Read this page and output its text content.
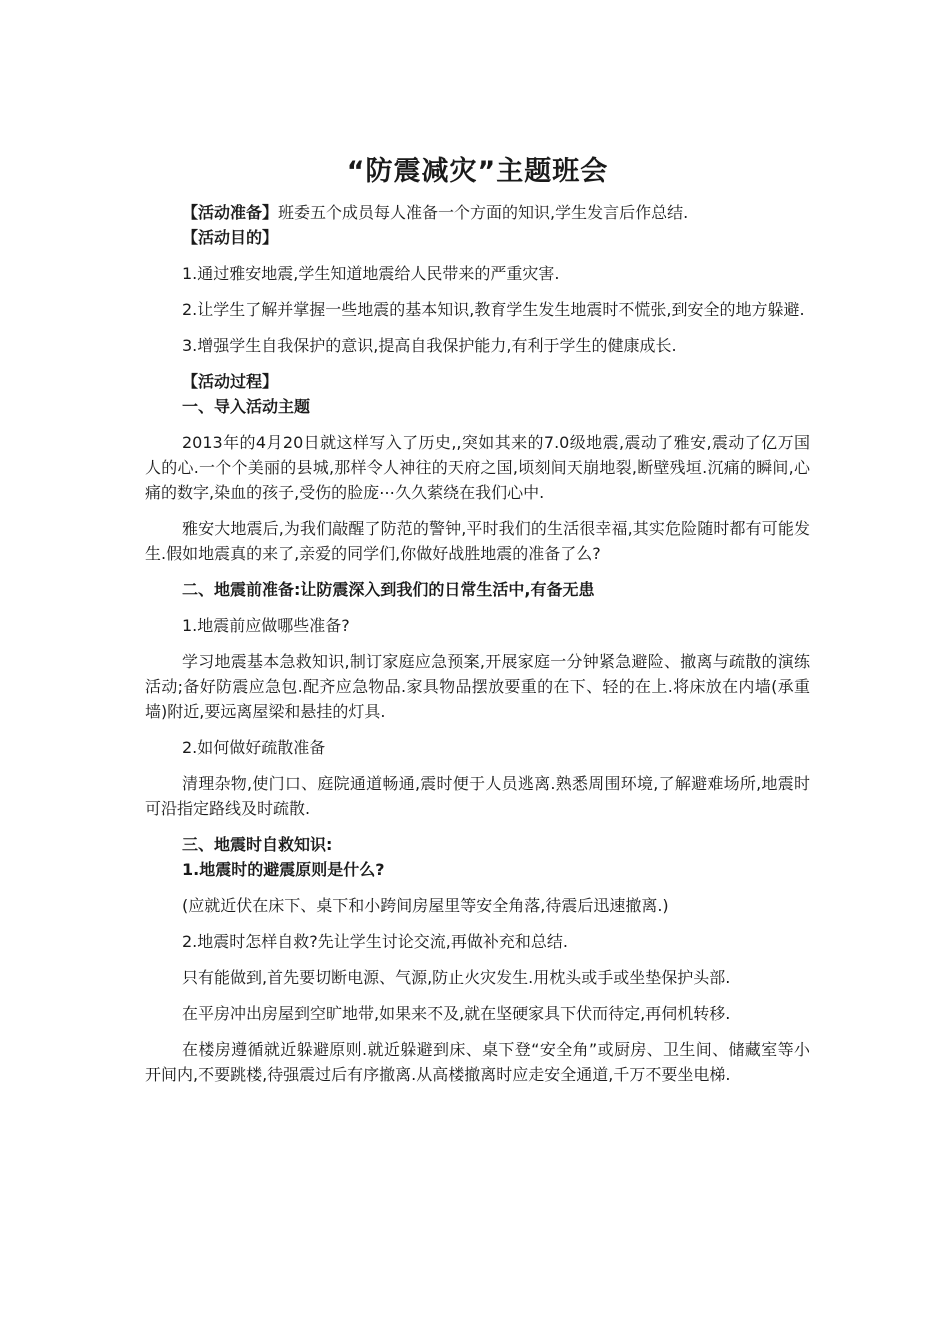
“防震减灾”主题班会

【活动准备】班委五个成员每人准备一个方面的知识,学生发言后作总结.

【活动目的】

1.通过雅安地震,学生知道地震给人民带来的严重灾害.

2.让学生了解并掌握一些地震的基本知识,教育学生发生地震时不慌张,到安全的地方躲避.

3.增强学生自我保护的意识,提高自我保护能力,有利于学生的健康成长.

【活动过程】

一、导入活动主题

2013年的4月20日就这样写入了历史,,突如其来的7.0级地震,震动了雅安,震动了亿万国人的心.一个个美丽的县城,那样令人神往的天府之国,顷刻间天崩地裂,断壁残垣.沉痛的瞬间,心痛的数字,染血的孩子,受伤的脸庞⋯久久萦绕在我们心中.

雅安大地震后,为我们敲醒了防范的警钟,平时我们的生活很幸福,其实危险随时都有可能发生.假如地震真的来了,亲爱的同学们,你做好战胜地震的准备了么?

二、地震前准备:让防震深入到我们的日常生活中,有备无患

1.地震前应做哪些准备?

学习地震基本急救知识,制订家庭应急预案,开展家庭一分钟紧急避险、撤离与疏散的演练活动;备好防震应急包.配齐应急物品.家具物品摆放要重的在下、轻的在上.将床放在内墙(承重墙)附近,要远离屋梁和悬挂的灯具.

2.如何做好疏散准备

清理杂物,使门口、庭院通道畅通,震时便于人员逃离.熟悉周围环境,了解避难场所,地震时可沿指定路线及时疏散.

三、地震时自救知识:

1.地震时的避震原则是什么?

(应就近伏在床下、桌下和小跨间房屋里等安全角落,待震后迅速撤离.)

2.地震时怎样自救?先让学生讨论交流,再做补充和总结.

只有能做到,首先要切断电源、气源,防止火灾发生.用枕头或手或坐垫保护头部.

在平房冲出房屋到空旷地带,如果来不及,就在坚硬家具下伏而待定,再伺机转移.

在楼房遵循就近躲避原则.就近躲避到床、桌下登“安全角”或厨房、卫生间、储藏室等小开间内,不要跳楼,待强震过后有序撤离.从高楼撤离时应走安全通道,千万不要坐电梯.
